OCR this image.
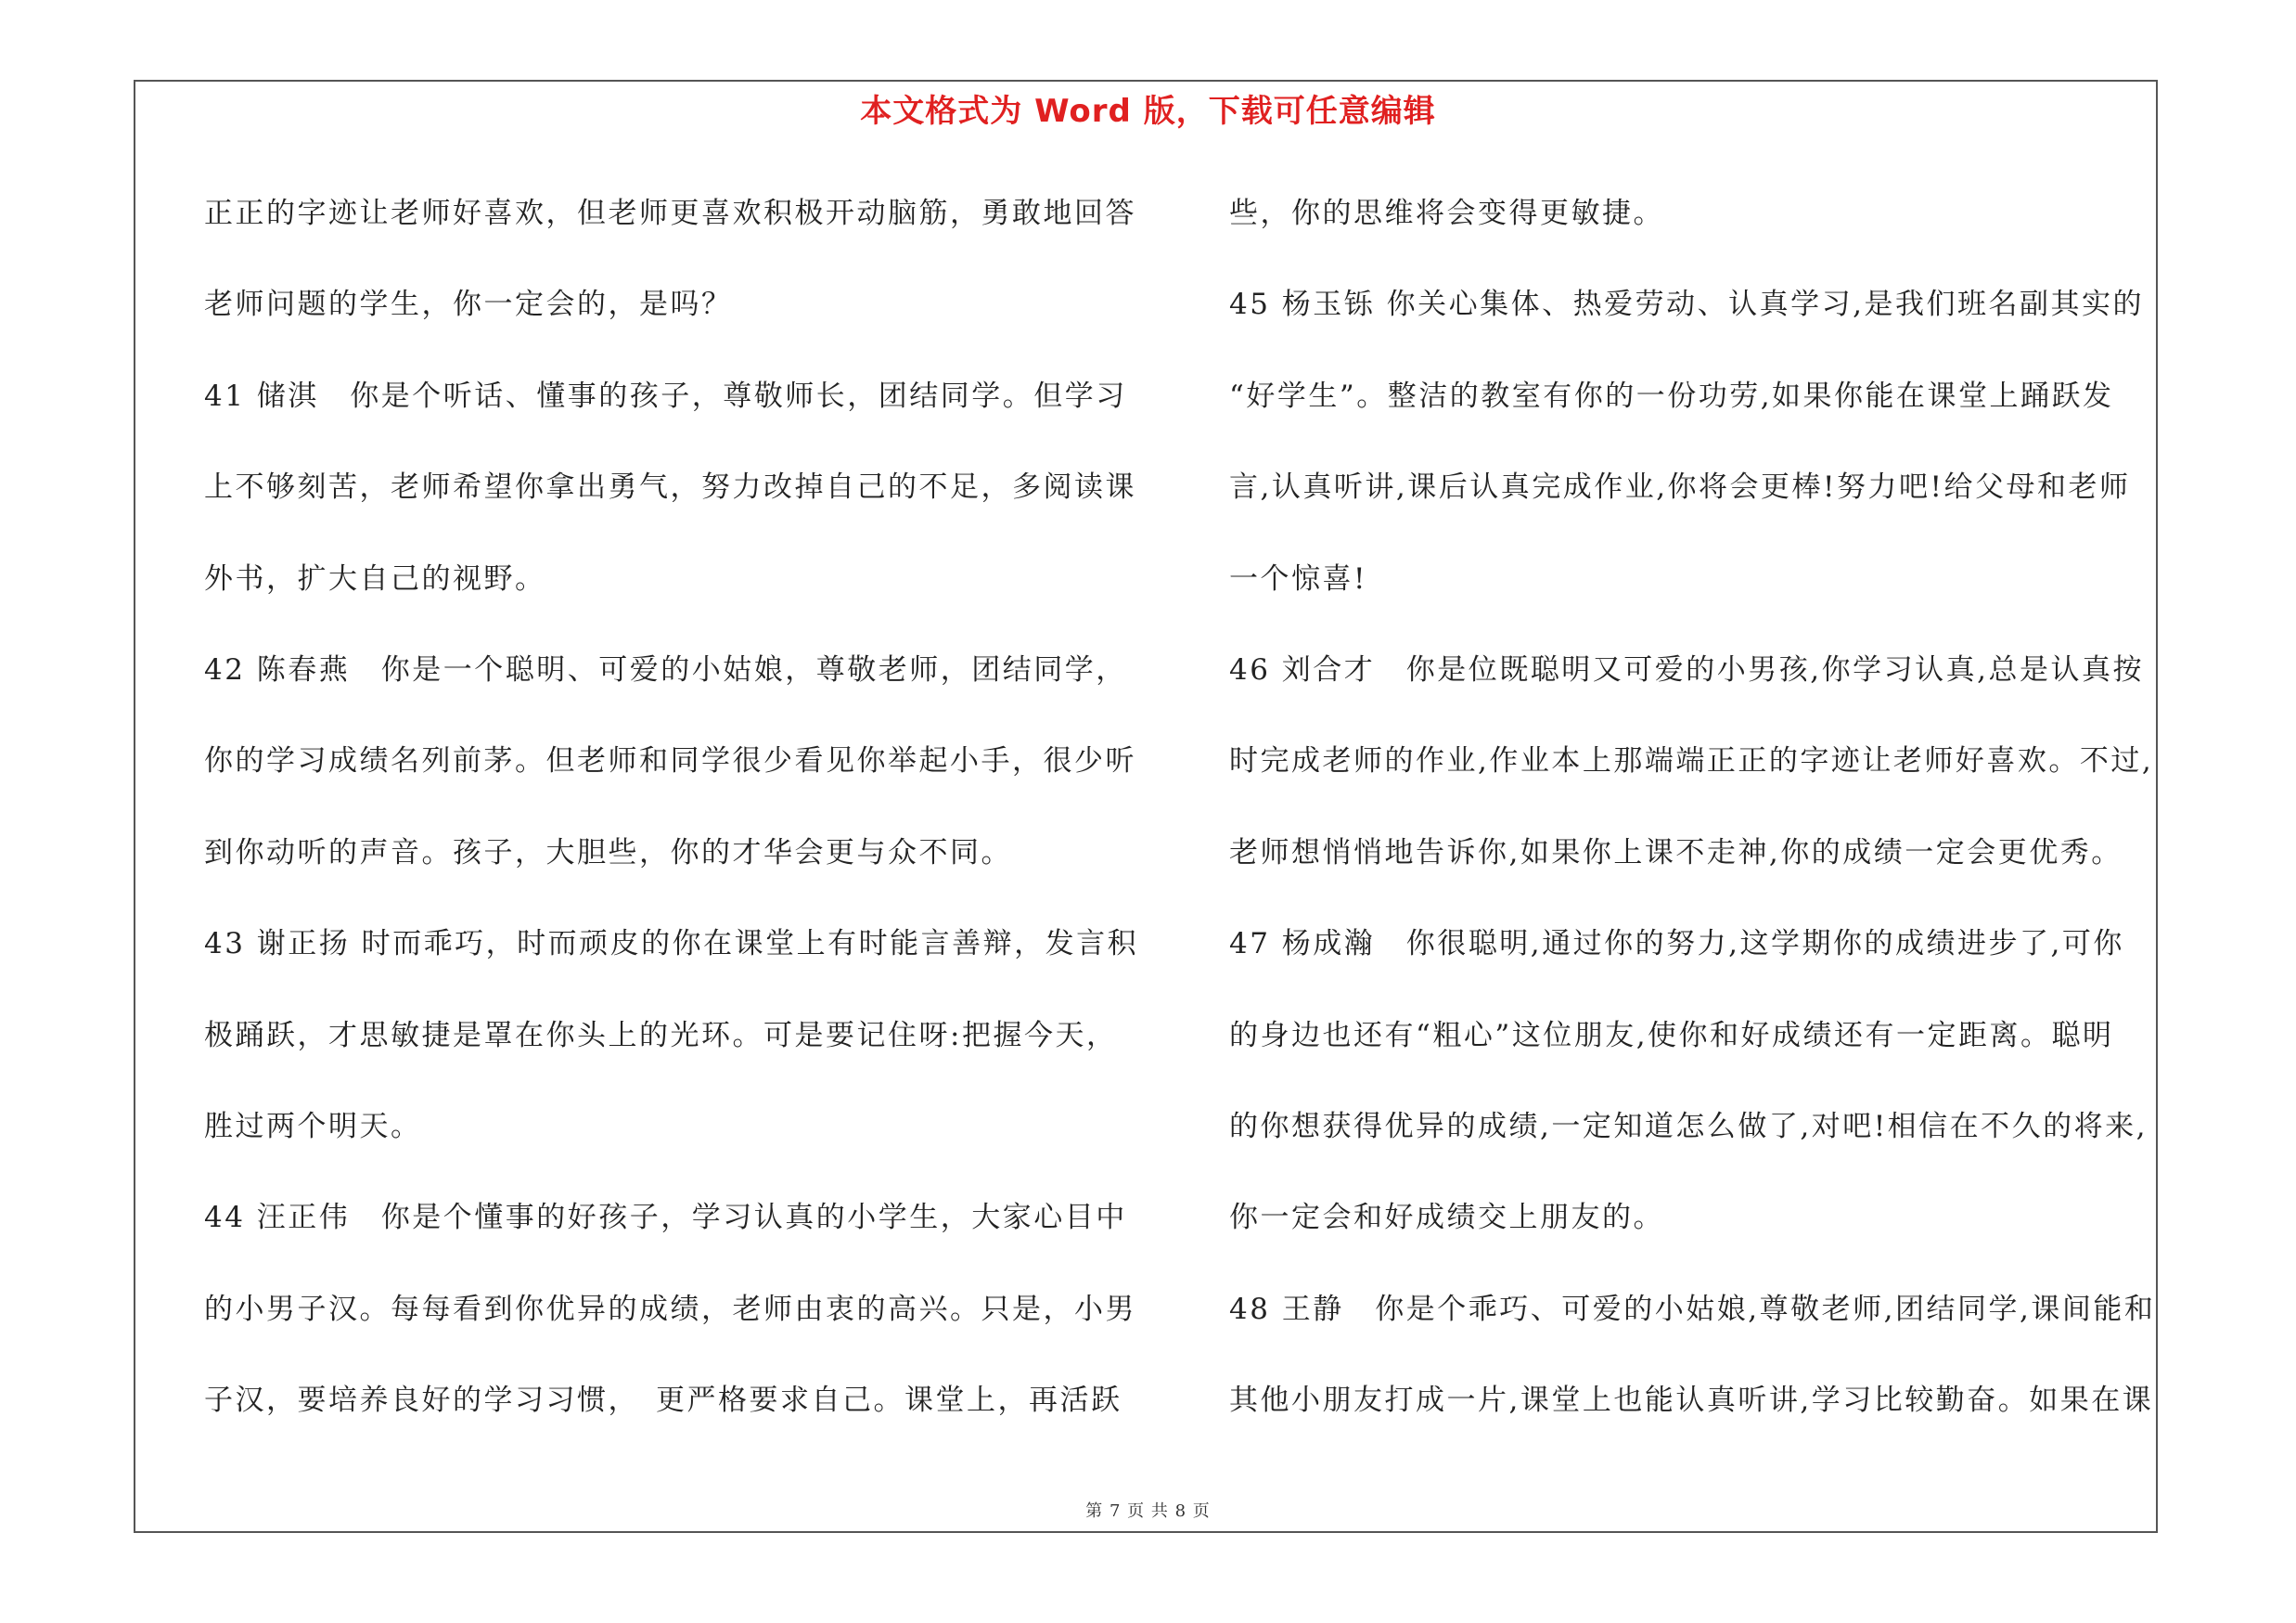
本文格式为 Word 版，下载可任意编辑
正正的字迹让老师好喜欢，但老师更喜欢积极开动脑筋，勇敢地回答
老师问题的学生，你一定会的，是吗？
41 储淇　你是个听话、懂事的孩子，尊敬师长，团结同学。但学习
上不够刻苦，老师希望你拿出勇气，努力改掉自己的不足，多阅读课
外书，扩大自己的视野。
42 陈春燕　你是一个聪明、可爱的小姑娘，尊敬老师，团结同学，
你的学习成绩名列前茅。但老师和同学很少看见你举起小手，很少听
到你动听的声音。孩子，大胆些，你的才华会更与众不同。
43 谢正扬 时而乖巧，时而顽皮的你在课堂上有时能言善辩，发言积
极踊跃，才思敏捷是罩在你头上的光环。可是要记住呀:把握今天，
胜过两个明天。
44 汪正伟　你是个懂事的好孩子，学习认真的小学生，大家心目中
的小男子汉。每每看到你优异的成绩，老师由衷的高兴。只是，小男
子汉，要培养良好的学习习惯，　更严格要求自己。课堂上，再活跃
些，你的思维将会变得更敏捷。
45 杨玉铄 你关心集体、热爱劳动、认真学习,是我们班名副其实的
“好学生”。整洁的教室有你的一份功劳,如果你能在课堂上踊跃发
言,认真听讲,课后认真完成作业,你将会更棒!努力吧!给父母和老师
一个惊喜!
46 刘合才　你是位既聪明又可爱的小男孩,你学习认真,总是认真按
时完成老师的作业,作业本上那端端正正的字迹让老师好喜欢。不过,
老师想悄悄地告诉你,如果你上课不走神,你的成绩一定会更优秀。
47 杨成瀚　你很聪明,通过你的努力,这学期你的成绩进步了,可你
的身边也还有“粗心”这位朋友,使你和好成绩还有一定距离。聪明
的你想获得优异的成绩,一定知道怎么做了,对吧!相信在不久的将来,
你一定会和好成绩交上朋友的。
48 王静　你是个乖巧、可爱的小姑娘,尊敬老师,团结同学,课间能和
其他小朋友打成一片,课堂上也能认真听讲,学习比较勤奋。如果在课
第 7 页 共 8 页
